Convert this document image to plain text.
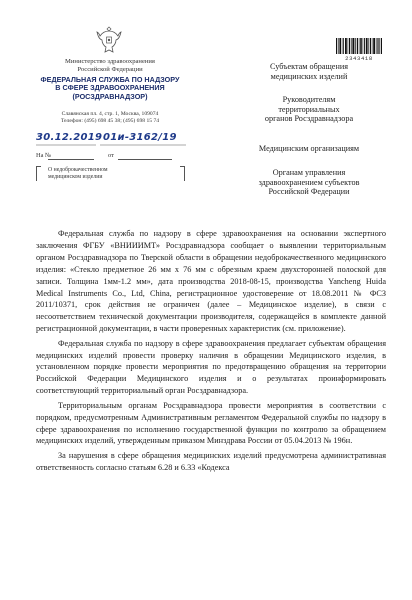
Министерство здравоохранения
Российской Федерации
ФЕДЕРАЛЬНАЯ СЛУЖБА ПО НАДЗОРУ
В СФЕРЕ ЗДРАВООХРАНЕНИЯ
(РОСЗДРАВНАДЗОР)
Славянская пл. 4, стр. 1, Москва, 109074
Телефон: (495) 698 45 38; (495) 698 15 74
30.12.2019 01и-3162/19
На №	от
О недоброкачественном
медицинском изделии
2343418
Субъектам обращения
медицинских изделий
Руководителям
территориальных
органов Росздравнадзора
Медицинским организациям
Органам управления
здравоохранением субъектов
Российской Федерации

Федеральная служба по надзору в сфере здравоохранения на основании экспертного заключения ФГБУ «ВНИИИМТ» Росздравнадзора сообщает о выявлении территориальным органом Росздравнадзора по Тверской области в обращении недоброкачественного медицинского изделия: «Стекло предметное 26 мм х 76 мм с обрезным краем двухсторонней полоской для записи. Толщина 1мм-1.2 мм», дата производства 2018-08-15, производства Yancheng Huida Medical Instruments Co., Ltd, China, регистрационное удостоверение от 18.08.2011 № ФСЗ 2011/10371, срок действия не ограничен (далее – Медицинское изделие), в связи с несоответствием технической документации производителя, содержащейся в комплекте данной регистрационной документации, в части проверенных характеристик (см. приложение).

Федеральная служба по надзору в сфере здравоохранения предлагает субъектам обращения медицинских изделий провести проверку наличия в обращении Медицинского изделия, в установленном порядке провести мероприятия по предотвращению обращения на территории Российской Федерации Медицинского изделия и о результатах проинформировать соответствующий территориальный орган Росздравнадзора.

Территориальным органам Росздравнадзора провести мероприятия в соответствии с порядком, предусмотренным Административным регламентом Федеральной службы по надзору в сфере здравоохранения по исполнению государственной функции по контролю за обращением медицинских изделий, утвержденным приказом Минздрава России от 05.04.2013 № 196н.

За нарушения в сфере обращения медицинских изделий предусмотрена административная ответственность согласно статьям 6.28 и 6.33 «Кодекса
